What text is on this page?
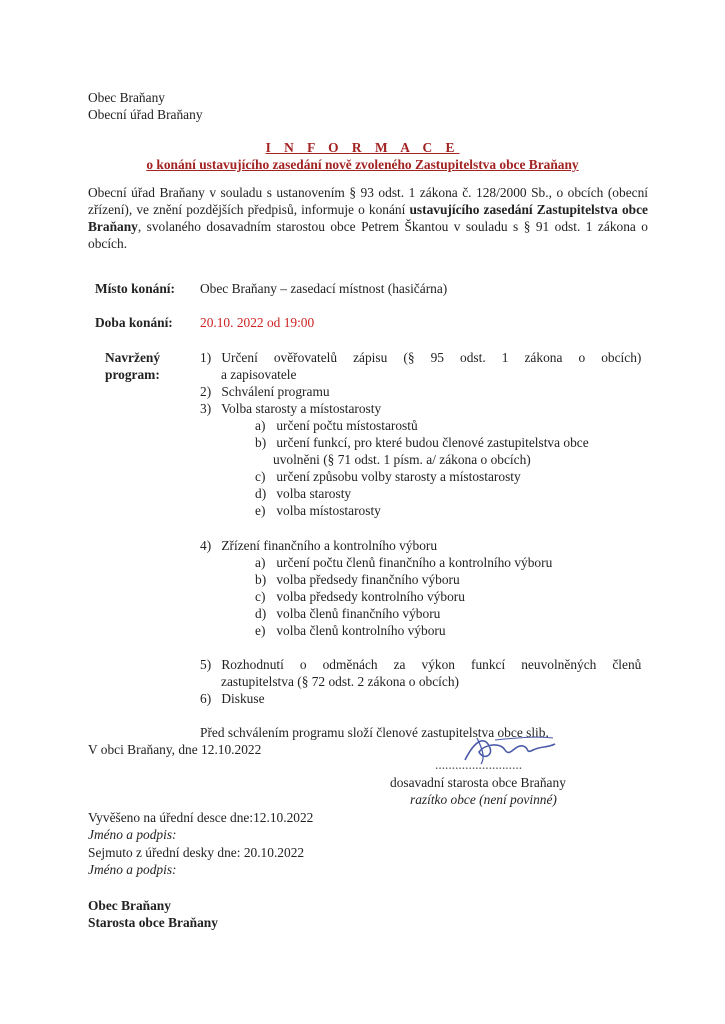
Obec Braňany
Obecní úřad Braňany
I N F O R M A C E
o konání ustavujícího zasedání nově zvoleného Zastupitelstva obce Braňany
Obecní úřad Braňany v souladu s ustanovením § 93 odst. 1 zákona č. 128/2000 Sb., o obcích (obecní zřízení), ve znění pozdějších předpisů, informuje o konání ustavujícího zasedání Zastupitelstva obce Braňany, svolaného dosavadním starostou obce Petrem Škantou v souladu s § 91 odst. 1 zákona o obcích.
Místo konání: Obec Braňany – zasedací místnost (hasičárna)
Doba konání: 20.10. 2022 od 19:00
Navržený
program:
1) Určení ověřovatelů zápisu (§ 95 odst. 1 zákona o obcích)
a zapisovatele
2) Schválení programu
3) Volba starosty a místostarosty
a) určení počtu místostarostů
b) určení funkcí, pro které budou členové zastupitelstva obce
uvolněni (§ 71 odst. 1 písm. a/ zákona o obcích)
c) určení způsobu volby starosty a místostarosty
d) volba starosty
e) volba místostarosty
4) Zřízení finančního a kontrolního výboru
a) určení počtu členů finančního a kontrolního výboru
b) volba předsedy finančního výboru
c) volba předsedy kontrolního výboru
d) volba členů finančního výboru
e) volba členů kontrolního výboru
5) Rozhodnutí o odměnách za výkon funkcí neuvolněných členů
zastupitelstva (§ 72 odst. 2 zákona o obcích)
6) Diskuse
Před schválením programu složí členové zastupitelstva obce slib.
V obci Braňany, dne 12.10.2022
..........................
dosavadní starosta obce Braňany
razítko obce (není povinné)
Vyvěšeno na úřední desce dne:12.10.2022
Jméno a podpis:
Sejmuto z úřední desky dne: 20.10.2022
Jméno a podpis:
Obec Braňany
Starosta obce Braňany
